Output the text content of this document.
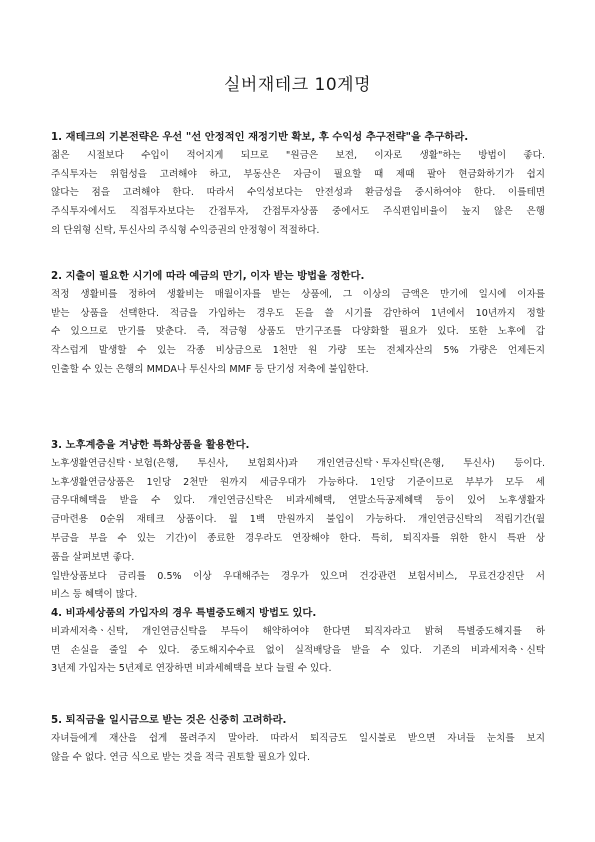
실버재테크 10계명

1. 재테크의 기본전략은 우선 "선 안정적인 재정기반 확보, 후 수익성 추구전략"을 추구하라.

젊은 시절보다 수입이 적어지게 되므로 "원금은 보전, 이자로 생활"하는 방법이 좋다.

주식투자는 위험성을 고려해야 하고, 부동산은 자금이 필요할 때 제때 팔아 현금화하기가 쉽지

않다는 점을 고려해야 한다. 따라서 수익성보다는 안전성과 환금성을 중시하여야 한다. 이를테면

주식투자에서도 직접투자보다는 간접투자, 간접투자상품 중에서도 주식편입비율이 높지 않은 은행

의 단위형 신탁, 투신사의 주식형 수익증권의 안정형이 적절하다.

2. 지출이 필요한 시기에 따라 예금의 만기, 이자 받는 방법을 정한다.

적정 생활비를 정하여 생활비는 매월이자를 받는 상품에, 그 이상의 금액은 만기에 일시에 이자를

받는 상품을 선택한다. 적금을 가입하는 경우도 돈을 쓸 시기를 감안하여 1년에서 10년까지 정할

수 있으므로 만기를 맞춘다. 즉, 적금형 상품도 만기구조를 다양화할 필요가 있다. 또한 노후에 갑

작스럽게 발생할 수 있는 각종 비상금으로 1천만 원 가량 또는 전체자산의 5% 가량은 언제든지

인출할 수 있는 은행의 MMDA나 투신사의 MMF 등 단기성 저축에 불입한다.

3. 노후계층을 겨냥한 특화상품을 활용한다.

노후생활연금신탁ㆍ보험(은행, 투신사, 보험회사)과 개인연금신탁ㆍ투자신탁(은행, 투신사) 등이다.

노후생활연금상품은 1인당 2천만 원까지 세금우대가 가능하다. 1인당 기준이므로 부부가 모두 세

금우대혜택을 받을 수 있다. 개인연금신탁은 비과세혜택, 연말소득공제혜택 등이 있어 노후생활자

금마련용 0순위 재테크 상품이다. 월 1백 만원까지 불입이 가능하다. 개인연금신탁의 적립기간(월

부금을 부을 수 있는 기간)이 종료한 경우라도 연장해야 한다. 특히, 퇴직자를 위한 한시 특판 상

품을 살펴보면 좋다.

일반상품보다 금리를 0.5% 이상 우대해주는 경우가 있으며 건강관련 보험서비스, 무료건강진단 서

비스 등 혜택이 많다.

4. 비과세상품의 가입자의 경우 특별중도해지 방법도 있다.

비과세저축ㆍ신탁, 개인연금신탁을 부득이 해약하여야 한다면 퇴직자라고 밝혀 특별중도해지를 하

면 손실을 줄일 수 있다. 중도해지수수료 없이 실적배당을 받을 수 있다. 기존의 비과세저축ㆍ신탁

3년제 가입자는 5년제로 연장하면 비과세혜택을 보다 늘릴 수 있다.

5. 퇴직금을 일시금으로 받는 것은 신중히 고려하라.

자녀들에게 재산을 쉽게 몰려주지 말아라. 따라서 퇴직금도 일시불로 받으면 자녀들 눈치를 보지

않을 수 없다. 연금 식으로 받는 것을 적극 권토할 필요가 있다.
